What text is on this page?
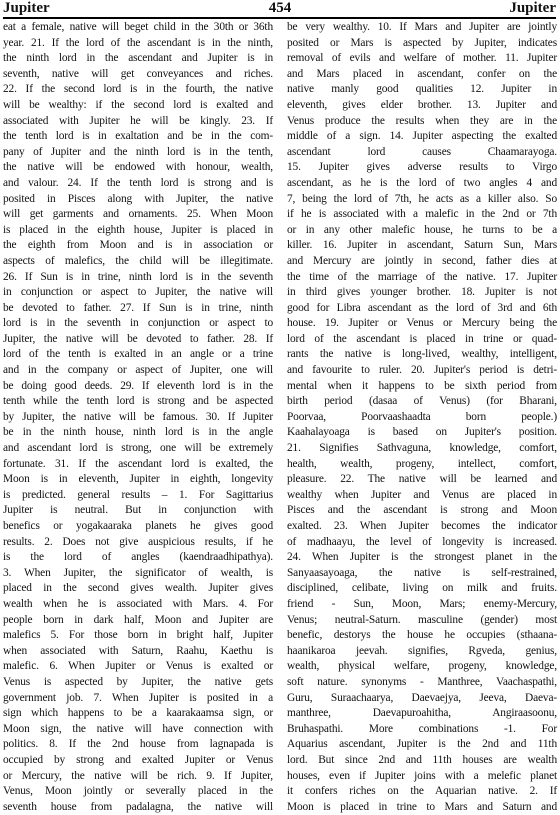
Jupiter	454	Jupiter
eat a female, native will beget child in the 30th or 36th
year. 21. If the lord of the ascendant is in the ninth,
the ninth lord in the ascendant and Jupiter is in
seventh, native will get conveyances and riches.
22. If the second lord is in the fourth, the native
will be wealthy: if the second lord is exalted and
associated with Jupiter he will be kingly. 23. If
the tenth lord is in exaltation and be in the com-
pany of Jupiter and the ninth lord is in the tenth,
the native will be endowed with honour, wealth,
and valour. 24. If the tenth lord is strong and is
posited in Pisces along with Jupiter, the native
will get garments and ornaments. 25. When Moon
is placed in the eighth house, Jupiter is placed in
the eighth from Moon and is in association or
aspects of malefics, the child will be illegitimate.
26. If Sun is in trine, ninth lord is in the seventh
in conjunction or aspect to Jupiter, the native will
be devoted to father. 27. If Sun is in trine, ninth
lord is in the seventh in conjunction or aspect to
Jupiter, the native will be devoted to father. 28. If
lord of the tenth is exalted in an angle or a trine
and in the company or aspect of Jupiter, one will
be doing good deeds. 29. If eleventh lord is in the
tenth while the tenth lord is strong and be aspected
by Jupiter, the native will be famous. 30. If Jupiter
be in the ninth house, ninth lord is in the angle
and ascendant lord is strong, one will be extremely
fortunate. 31. If the ascendant lord is exalted, the
Moon is in eleventh, Jupiter in eighth, longevity
is predicted. general results – 1. For Sagittarius
Jupiter is neutral. But in conjunction with
benefics or yogakaaraka planets he gives good
results. 2. Does not give auspicious results, if he
is the lord of angles (kaendraadhipathya).
3. When Jupiter, the significator of wealth, is
placed in the second gives wealth. Jupiter gives
wealth when he is associated with Mars. 4. For
people born in dark half, Moon and Jupiter are
malefics 5. For those born in bright half, Jupiter
when associated with Saturn, Raahu, Kaethu is
malefic. 6. When Jupiter or Venus is exalted or
Venus is aspected by Jupiter, the native gets
government job. 7. When Jupiter is posited in a
sign which happens to be a kaarakaamsa sign, or
Moon sign, the native will have connection with
politics. 8. If the 2nd house from lagnapada is
occupied by strong and exalted Jupiter or Venus
or Mercury, the native will be rich. 9. If Jupiter,
Venus, Moon jointly or severally placed in the
seventh house from padalagna, the native will
be very wealthy. 10. If Mars and Jupiter are jointly
posited or Mars is aspected by Jupiter, indicates
removal of evils and welfare of mother. 11. Jupiter
and Mars placed in ascendant, confer on the
native manly good qualities 12. Jupiter in
eleventh, gives elder brother. 13. Jupiter and
Venus produce the results when they are in the
middle of a sign. 14. Jupiter aspecting the exalted
ascendant lord causes Chaamarayoga.
15. Jupiter gives adverse results to Virgo
ascendant, as he is the lord of two angles 4 and
7, being the lord of 7th, he acts as a killer also. So
if he is associated with a malefic in the 2nd or 7th
or in any other malefic house, he turns to be a
killer. 16. Jupiter in ascendant, Saturn Sun, Mars
and Mercury are jointly in second, father dies at
the time of the marriage of the native. 17. Jupiter
in third gives younger brother. 18. Jupiter is not
good for Libra ascendant as the lord of 3rd and 6th
house. 19. Jupiter or Venus or Mercury being the
lord of the ascendant is placed in trine or quad-
rants the native is long-lived, wealthy, intelligent,
and favourite to ruler. 20. Jupiter's period is detri-
mental when it happens to be sixth period from
birth period (dasaa of Venus) (for Bharani,
Poorvaa, Poorvaashaadta born people.)
Kaahalayoaga is based on Jupiter's position.
21. Signifies Sathvaguna, knowledge, comfort,
health, wealth, progeny, intellect, comfort,
pleasure. 22. The native will be learned and
wealthy when Jupiter and Venus are placed in
Pisces and the ascendant is strong and Moon
exalted. 23. When Jupiter becomes the indicator
of madhaayu, the level of longevity is increased.
24. When Jupiter is the strongest planet in the
Sanyaasayoaga, the native is self-restrained,
disciplined, celibate, living on milk and fruits.
friend - Sun, Moon, Mars; enemy-Mercury,
Venus; neutral-Saturn. masculine (gender) most
benefic, destorys the house he occupies (sthaana-
haanikaroa jeevah. signifies, Rgveda, genius,
wealth, physical welfare, progeny, knowledge,
soft nature. synonyms - Manthree, Vaachaspathi,
Guru, Suraachaarya, Daevaejya, Jeeva, Daeva-
manthree, Daevapuroahitha, Angiraasoonu,
Bruhaspathi. More combinations -1. For
Aquarius ascendant, Jupiter is the 2nd and 11th
lord. But since 2nd and 11th houses are wealth
houses, even if Jupiter joins with a melefic planet
it confers riches on the Aquarian native. 2. If
Moon is placed in trine to Mars and Saturn and
